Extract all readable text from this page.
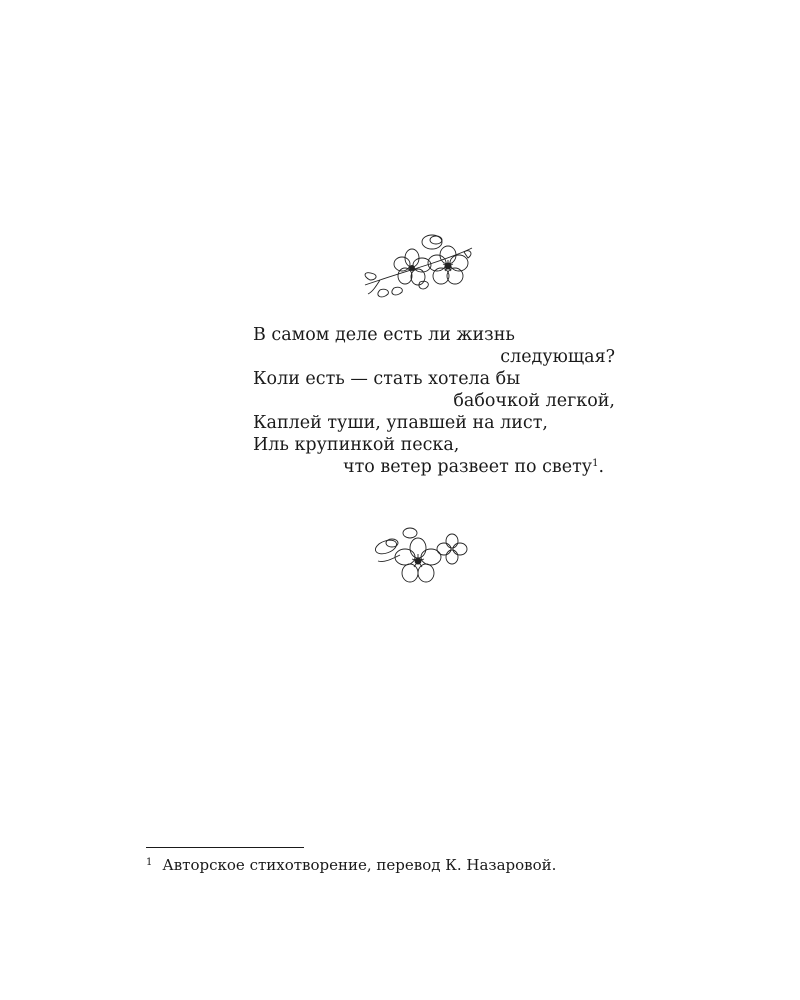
В самом деле есть ли жизнь
следующая?
Коли есть — стать хотела бы
бабочкой легкой,
Каплей туши, упавшей на лист,
Иль крупинкой песка,
что ветер развеет по свету$^1$.
$^1$ Авторское стихотворение, перевод К. Назаровой.
